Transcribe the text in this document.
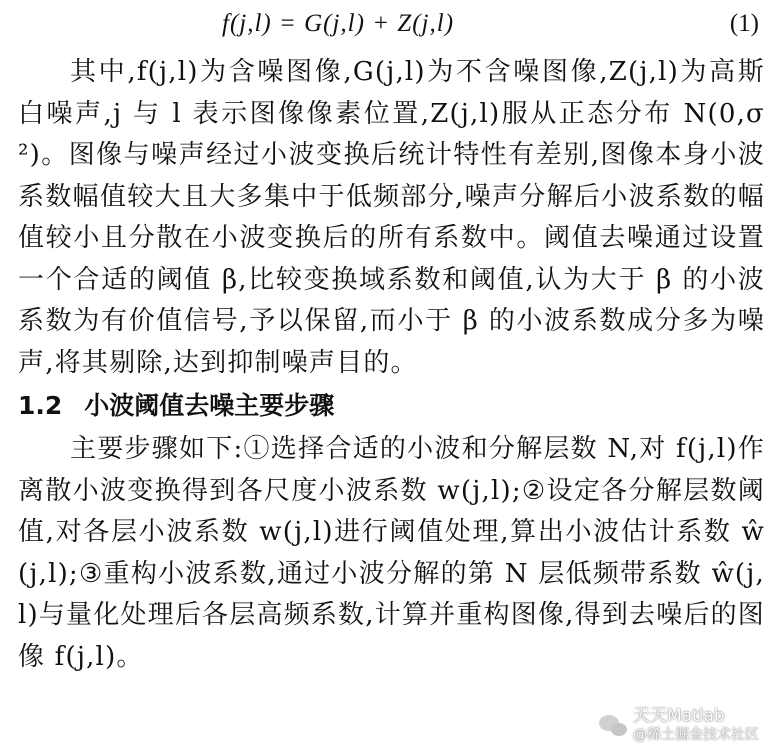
f(j,l) = G(j,l) + Z(j,l)	(1)

其中,f(j,l)为含噪图像,G(j,l)为不含噪图像,Z(j,l)为高斯白噪声,j 与 l 表示图像像素位置,Z(j,l)服从正态分布 N(0,σ²)。图像与噪声经过小波变换后统计特性有差别,图像本身小波系数幅值较大且大多集中于低频部分,噪声分解后小波系数的幅值较小且分散在小波变换后的所有系数中。阈值去噪通过设置一个合适的阈值 β,比较变换域系数和阈值,认为大于 β 的小波系数为有价值信号,予以保留,而小于 β 的小波系数成分多为噪声,将其剔除,达到抑制噪声目的。

1.2 小波阈值去噪主要步骤

主要步骤如下:①选择合适的小波和分解层数 N,对 f(j,l)作离散小波变换得到各尺度小波系数 w(j,l);②设定各分解层数阈值,对各层小波系数 w(j,l)进行阈值处理,算出小波估计系数 ŵ(j,l);③重构小波系数,通过小波分解的第 N 层低频带系数 ŵ(j,l)与量化处理后各层高频系数,计算并重构图像,得到去噪后的图像 f(j,l)。

天天Matlab
@稀土掘金技术社区
